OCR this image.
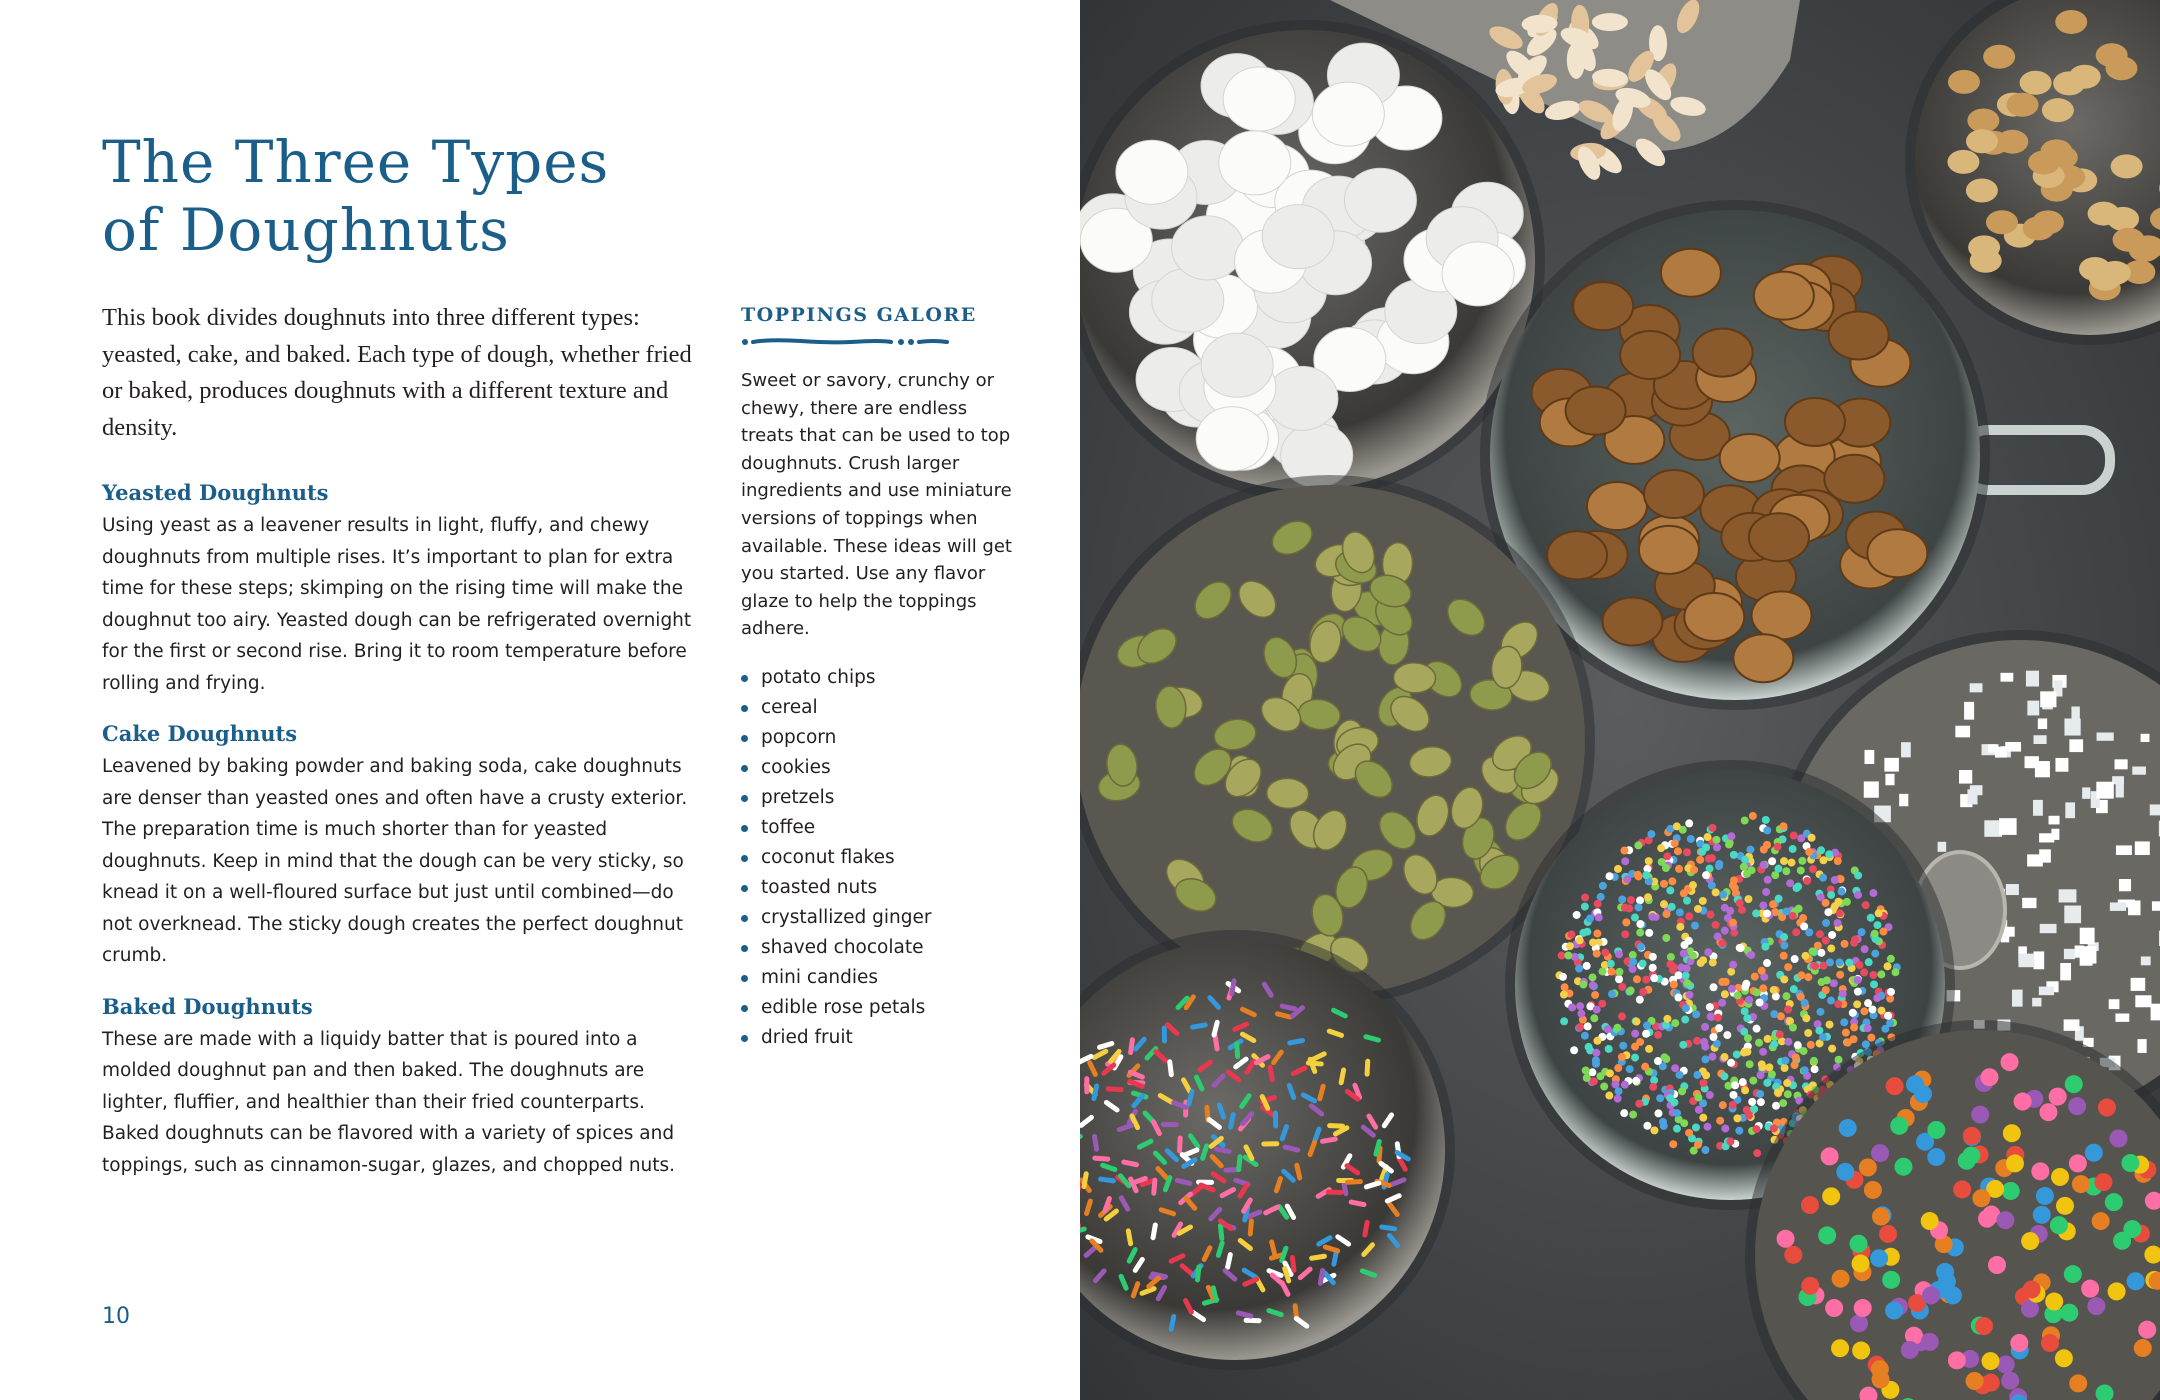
The Three Types
of Doughnuts

This book divides doughnuts into three different types: yeasted, cake, and baked. Each type of dough, whether fried or baked, produces doughnuts with a different texture and density.

Yeasted Doughnuts

Using yeast as a leavener results in light, fluffy, and chewy doughnuts from multiple rises. It’s important to plan for extra time for these steps; skimping on the rising time will make the doughnut too airy. Yeasted dough can be refrigerated overnight for the first or second rise. Bring it to room temperature before rolling and frying.

Cake Doughnuts

Leavened by baking powder and baking soda, cake doughnuts are denser than yeasted ones and often have a crusty exterior. The preparation time is much shorter than for yeasted doughnuts. Keep in mind that the dough can be very sticky, so knead it on a well-floured surface but just until combined—do not overknead. The sticky dough creates the perfect doughnut crumb.

Baked Doughnuts

These are made with a liquidy batter that is poured into a molded doughnut pan and then baked. The doughnuts are lighter, fluffier, and healthier than their fried counterparts. Baked doughnuts can be flavored with a variety of spices and toppings, such as cinnamon-sugar, glazes, and chopped nuts.

TOPPINGS GALORE

Sweet or savory, crunchy or chewy, there are endless treats that can be used to top doughnuts. Crush larger ingredients and use miniature versions of toppings when available. These ideas will get you started. Use any flavor glaze to help the toppings adhere.

potato chips
cereal
popcorn
cookies
pretzels
toffee
coconut flakes
toasted nuts
crystallized ginger
shaved chocolate
mini candies
edible rose petals
dried fruit
10
